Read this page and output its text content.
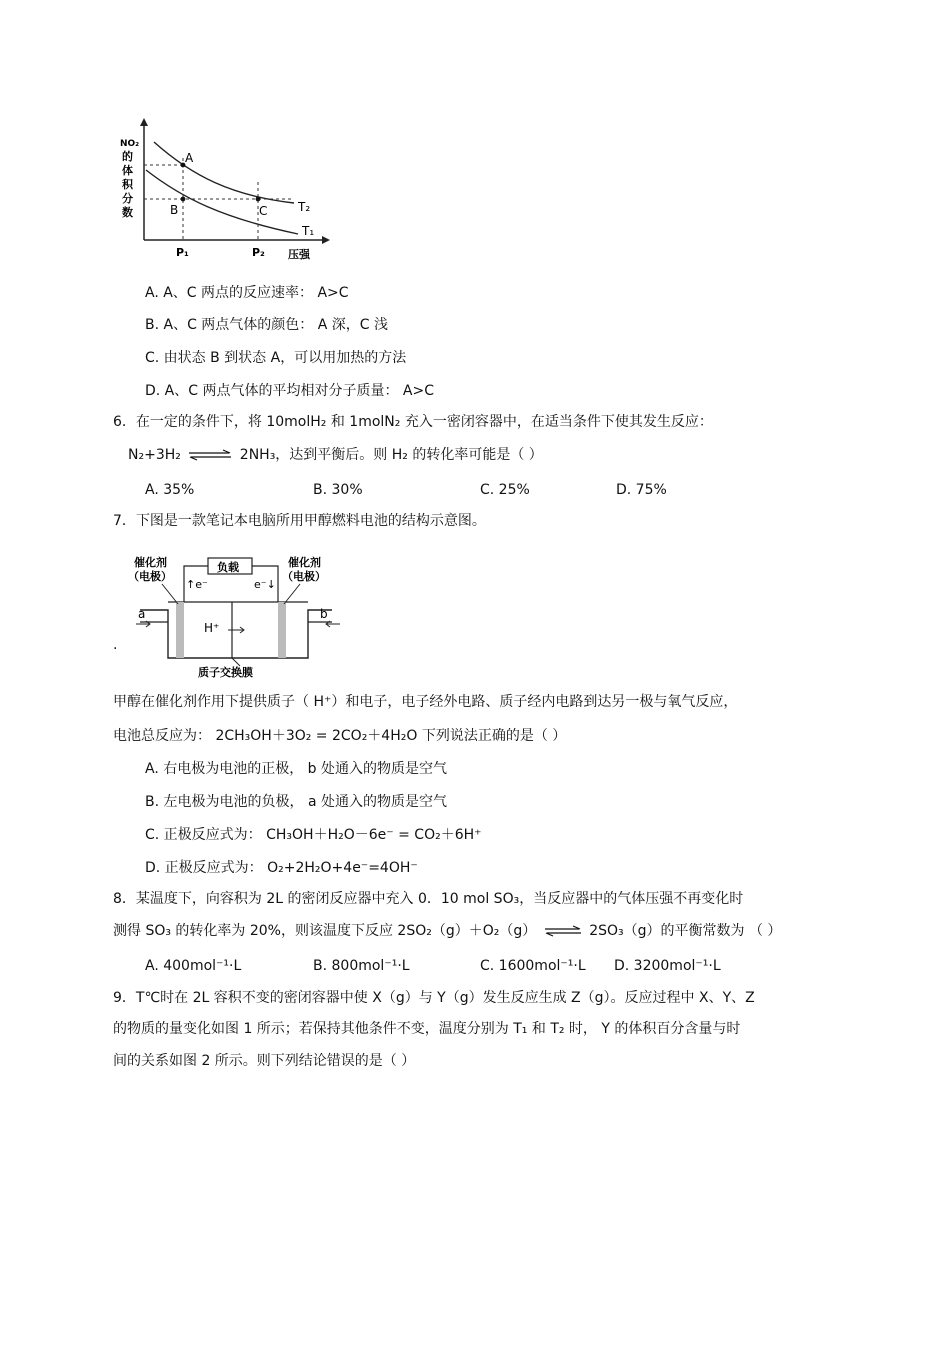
NO₂
的
体
积
分
数
A
B	C	T₂
T₁
P₁	P₂ 压强
A. A、C 两点的反应速率： A>C
B. A、C 两点气体的颜色： A 深，C 浅
C. 由状态 B 到状态 A，可以用加热的方法
D. A、C 两点气体的平均相对分子质量： A>C
6．在一定的条件下，将 10molH₂ 和 1molN₂ 充入一密闭容器中，在适当条件下使其发生反应：
N₂+3H₂ ⇌ 2NH₃，达到平衡后。则 H₂ 的转化率可能是（ ）
A. 35%	B. 30%	C. 25%	D. 75%
7．下图是一款笔记本电脑所用甲醇燃料电池的结构示意图。
.
催化剂
（电极）
催化剂
（电极）
负载
↑e⁻	e⁻↓
a	b
H⁺
质子交换膜
甲醇在催化剂作用下提供质子（ H⁺）和电子，电子经外电路、质子经内电路到达另一极与氧气反应，
电池总反应为： 2CH₃OH＋3O₂ = 2CO₂＋4H₂O 下列说法正确的是（ ）
A. 右电极为电池的正极， b 处通入的物质是空气
B. 左电极为电池的负极， a 处通入的物质是空气
C. 正极反应式为： CH₃OH＋H₂O－6e⁻ = CO₂＋6H⁺
D. 正极反应式为： O₂+2H₂O+4e⁻=4OH⁻
8．某温度下，向容积为 2L 的密闭反应器中充入 0．10 mol SO₃，当反应器中的气体压强不再变化时
测得 SO₃ 的转化率为 20%，则该温度下反应 2SO₂（g）＋O₂（g） ⇌ 2SO₃（g）的平衡常数为 （ ）
A. 400mol⁻¹·L	B. 800mol⁻¹·L	C. 1600mol⁻¹·L D. 3200mol⁻¹·L
9．T℃时在 2L 容积不变的密闭容器中使 X（g）与 Y（g）发生反应生成 Z（g）。反应过程中 X、Y、Z
的物质的量变化如图 1 所示；若保持其他条件不变，温度分别为 T₁ 和 T₂ 时， Y 的体积百分含量与时
间的关系如图 2 所示。则下列结论错误的是（ ）
